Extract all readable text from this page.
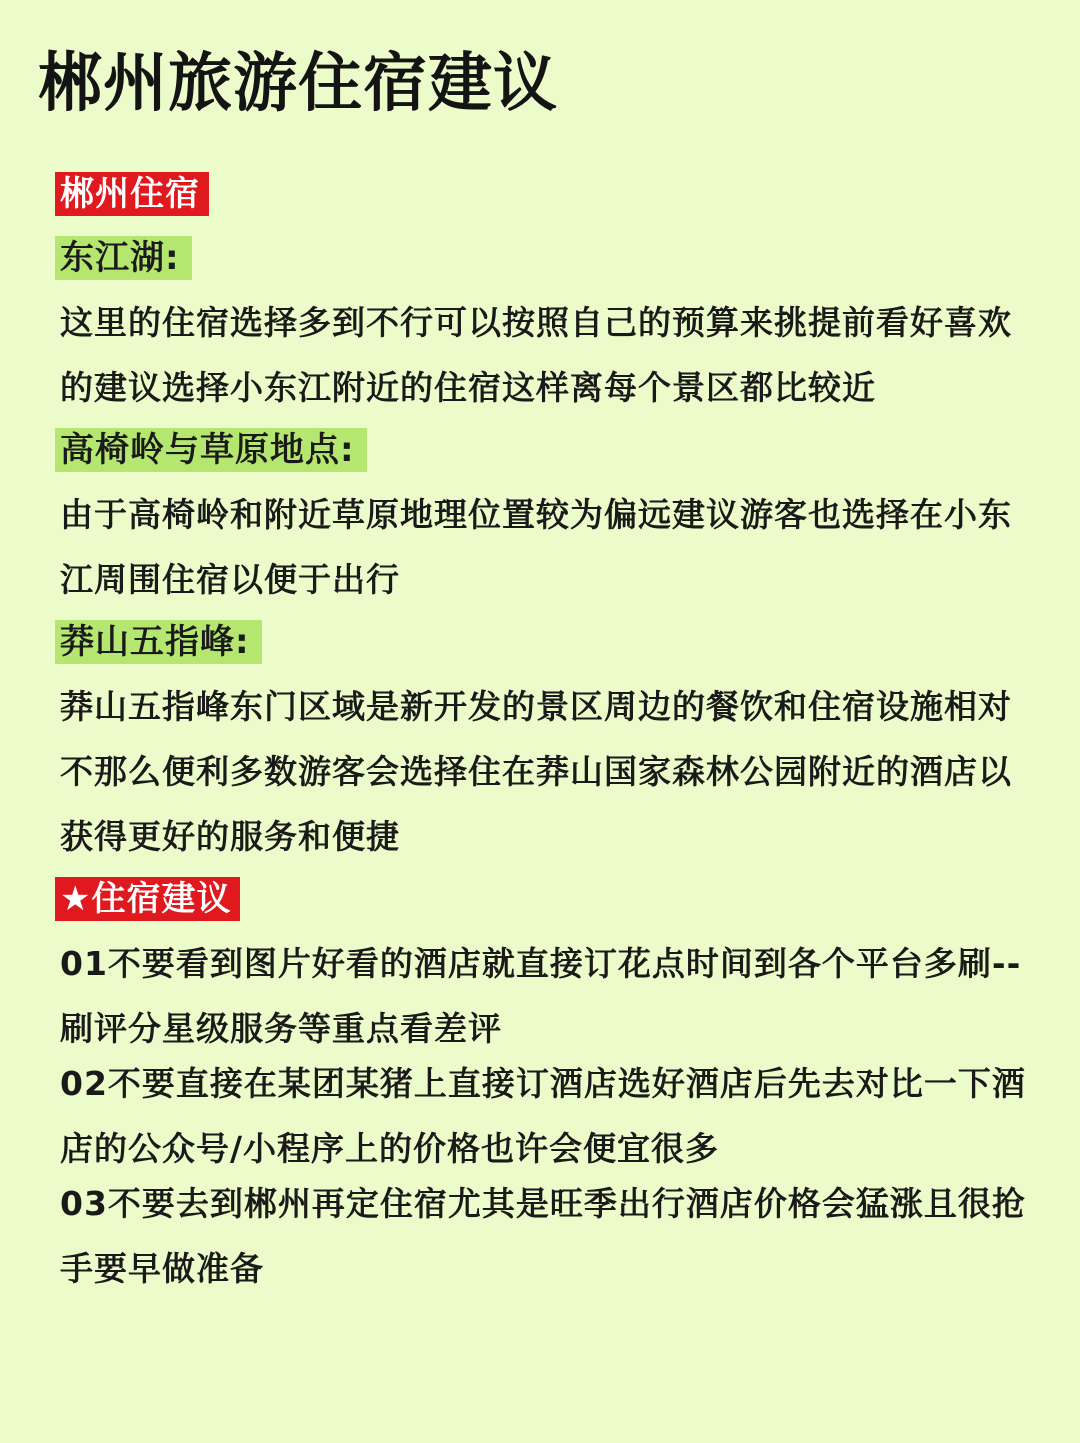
郴州旅游住宿建议
郴州住宿
东江湖:

这里的住宿选择多到不行可以按照自己的预算来挑提前看好喜欢的建议选择小东江附近的住宿这样离每个景区都比较近

高椅岭与草原地点:

由于高椅岭和附近草原地理位置较为偏远建议游客也选择在小东江周围住宿以便于出行

莽山五指峰:

莽山五指峰东门区域是新开发的景区周边的餐饮和住宿设施相对不那么便利多数游客会选择住在莽山国家森林公园附近的酒店以获得更好的服务和便捷

★住宿建议

01不要看到图片好看的酒店就直接订花点时间到各个平台多刷--刷评分星级服务等重点看差评

02不要直接在某团某猪上直接订酒店选好酒店后先去对比一下酒店的公众号/小程序上的价格也许会便宜很多

03不要去到郴州再定住宿尤其是旺季出行酒店价格会猛涨且很抢手要早做准备
